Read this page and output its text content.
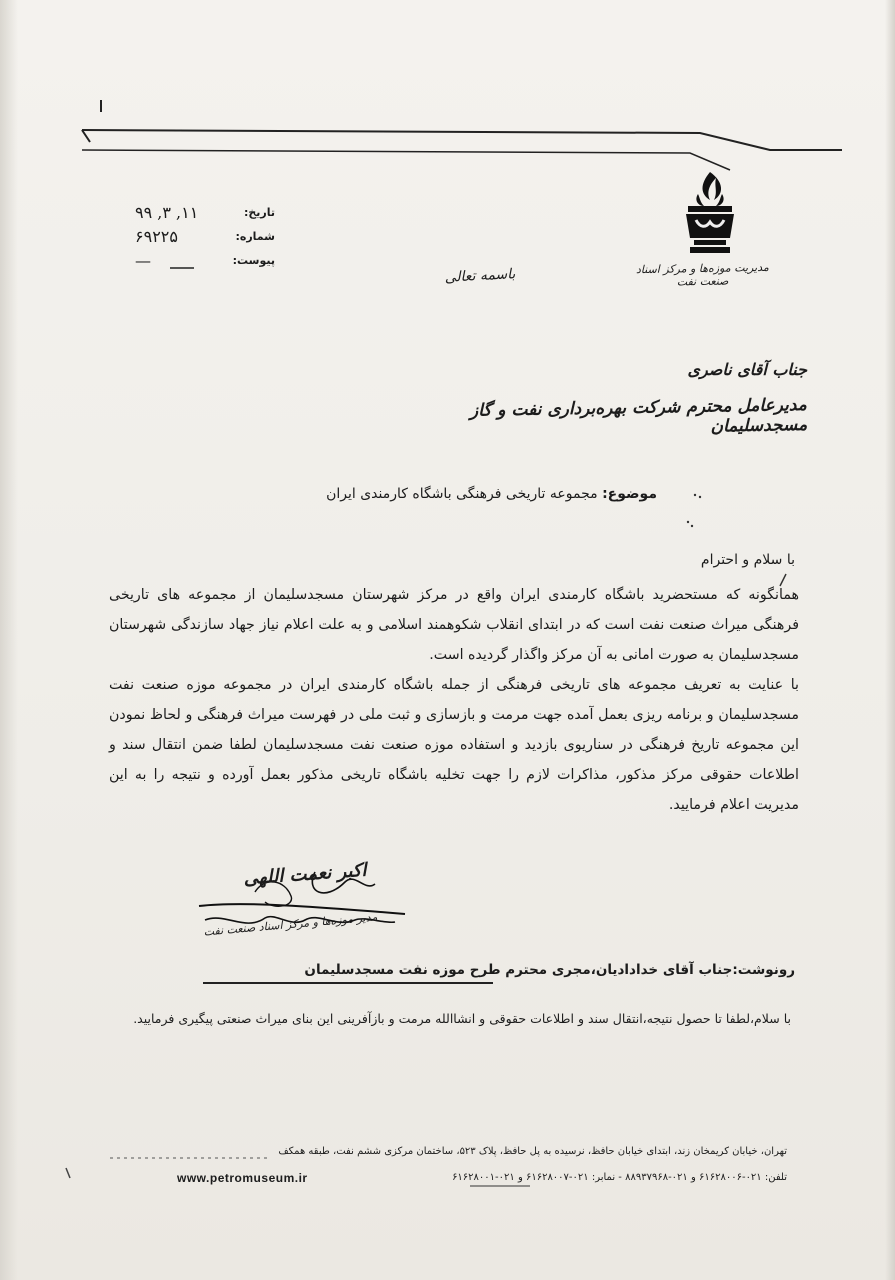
تاریخ:
۹۹ ,۳ ,۱۱
شماره:
۶۹۲۲۵
پیوست:
—	مدیریت موزه‌ها و مرکز اسناد صنعت نفت
باسمه تعالی
جناب آقای ناصری
مدیرعامل محترم شرکت بهره‌برداری نفت و گاز مسجدسلیمان
موضوع: مجموعه تاریخی فرهنگی باشگاه کارمندی ایران
با سلام و احترام

همانگونه که مستحضرید باشگاه کارمندی ایران واقع در مرکز شهرستان مسجدسلیمان از مجموعه های تاریخی فرهنگی میراث صنعت نفت است که در ابتدای انقلاب شکوهمند اسلامی و به علت اعلام نیاز جهاد سازندگی شهرستان مسجدسلیمان به صورت امانی به آن مرکز واگذار گردیده است.

با عنایت به تعریف مجموعه های تاریخی فرهنگی از جمله باشگاه کارمندی ایران در مجموعه موزه صنعت نفت مسجدسلیمان و برنامه ریزی بعمل آمده جهت مرمت و بازسازی و ثبت ملی در فهرست میراث فرهنگی و لحاظ نمودن این مجموعه تاریخ فرهنگی در سناریوی بازدید و استفاده موزه صنعت نفت مسجدسلیمان لطفا ضمن انتقال سند و اطلاعات حقوقی مرکز مذکور، مذاکرات لازم را جهت تخلیه باشگاه تاریخی مذکور بعمل آورده و نتیجه را به این مدیریت اعلام فرمایید.

اکبر نعمت اللهی
مدیر موزه‌ها و مرکز اسناد صنعت نفت
رونوشت:جناب آقای خدادادیان،مجری محترم طرح موزه نفت مسجدسلیمان
با سلام،لطفا تا حصول نتیجه،انتقال سند و اطلاعات حقوقی و انشاالله مرمت و بازآفرینی این بنای میراث صنعتی پیگیری فرمایید.
تهران، خیابان کریمخان زند، ابتدای خیابان حافظ، نرسیده به پل حافظ، پلاک ۵۲۳، ساختمان مرکزی ششم نفت، طبقه همکف
تلفن: ۰۲۱-۶۱۶۲۸۰۰۶ و ۰۲۱-۸۸۹۳۷۹۶۸ - نمابر: ۰۲۱-۶۱۶۲۸۰۰۷ و ۰۲۱-۶۱۶۲۸۰۰۱
www.petromuseum.ir
